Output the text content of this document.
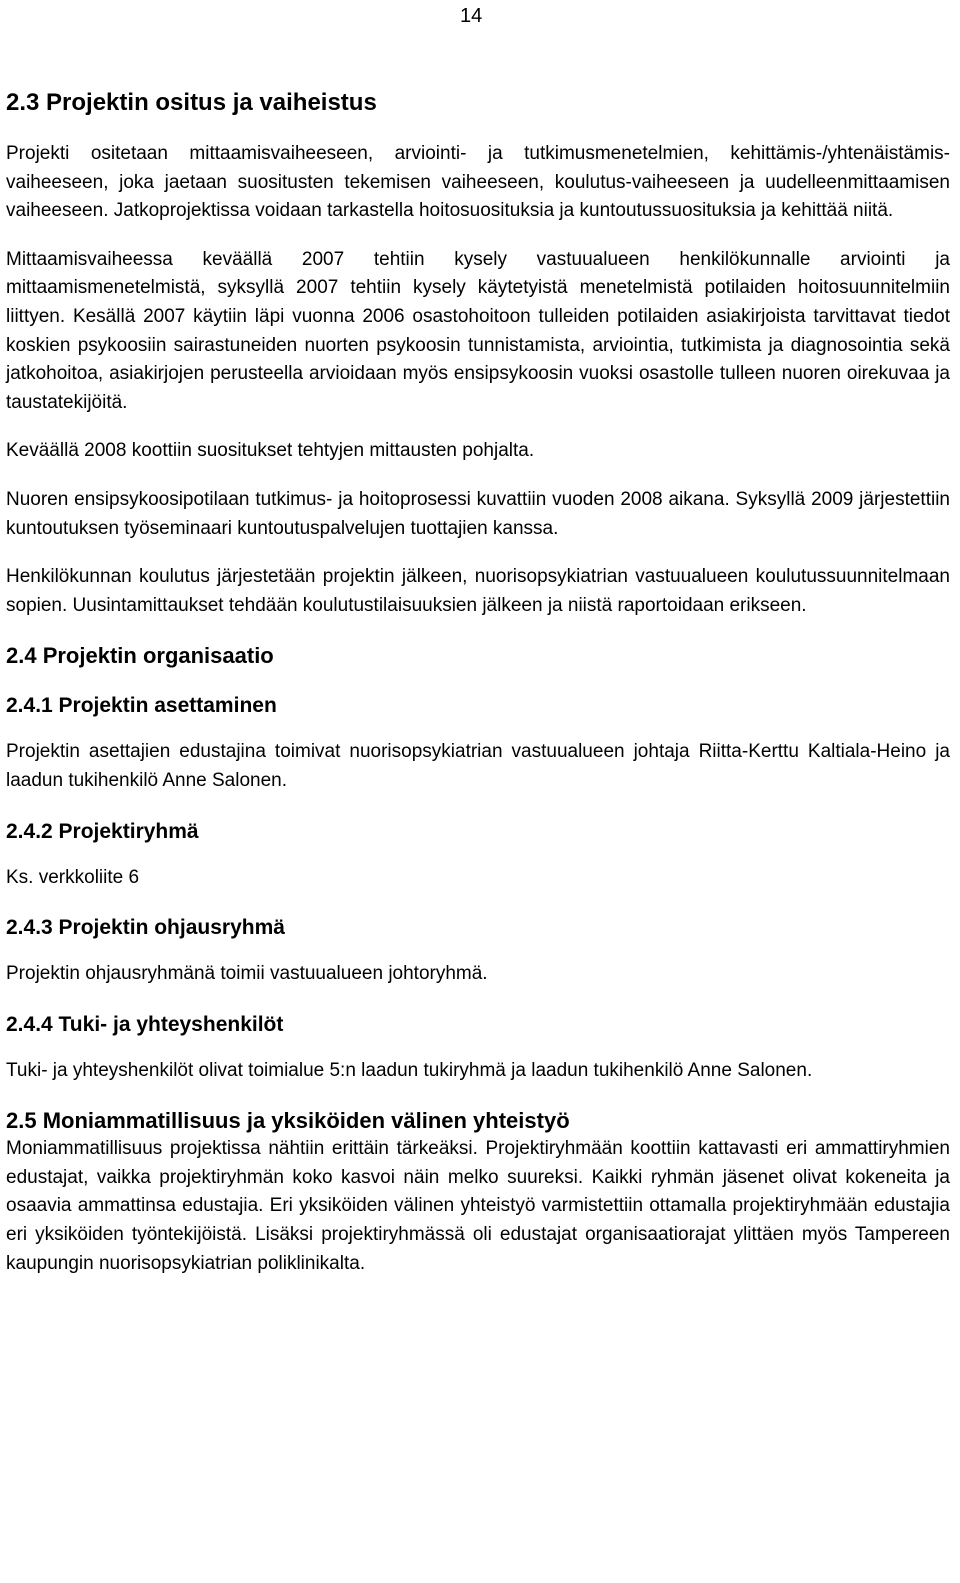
14
2.3 Projektin ositus ja vaiheistus

Projekti ositetaan mittaamisvaiheeseen, arviointi- ja tutkimusmenetelmien, kehittämis-/yhtenäistämis- vaiheeseen, joka jaetaan suositusten tekemisen vaiheeseen, koulutus-vaiheeseen ja uudelleenmittaamisen vaiheeseen. Jatkoprojektissa voidaan tarkastella hoitosuosituksia ja kuntoutussuosituksia ja kehittää niitä.

Mittaamisvaiheessa keväällä 2007 tehtiin kysely vastuualueen henkilökunnalle arviointi ja mittaamismenetelmistä, syksyllä 2007 tehtiin kysely käytetyistä menetelmistä potilaiden hoitosuunnitelmiin liittyen. Kesällä 2007 käytiin läpi vuonna 2006 osastohoitoon tulleiden potilaiden asiakirjoista tarvittavat tiedot koskien psykoosiin sairastuneiden nuorten psykoosin tunnistamista, arviointia, tutkimista ja diagnosointia sekä jatkohoitoa, asiakirjojen perusteella arvioidaan myös ensipsykoosin vuoksi osastolle tulleen nuoren oirekuvaa ja taustatekijöitä.

Keväällä 2008 koottiin suositukset tehtyjen mittausten pohjalta.

Nuoren ensipsykoosipotilaan tutkimus- ja hoitoprosessi kuvattiin vuoden 2008 aikana. Syksyllä 2009 järjestettiin kuntoutuksen työseminaari kuntoutuspalvelujen tuottajien kanssa.

Henkilökunnan koulutus järjestetään projektin jälkeen, nuorisopsykiatrian vastuualueen koulutussuunnitelmaan sopien. Uusintamittaukset tehdään koulutustilaisuuksien jälkeen ja niistä raportoidaan erikseen.

2.4 Projektin organisaatio
2.4.1 Projektin asettaminen

Projektin asettajien edustajina toimivat nuorisopsykiatrian vastuualueen johtaja Riitta-Kerttu Kaltiala-Heino ja laadun tukihenkilö Anne Salonen.

2.4.2 Projektiryhmä

Ks. verkkoliite 6

2.4.3 Projektin ohjausryhmä

Projektin ohjausryhmänä toimii vastuualueen johtoryhmä.

2.4.4 Tuki- ja yhteyshenkilöt

Tuki- ja yhteyshenkilöt olivat toimialue 5:n laadun tukiryhmä ja laadun tukihenkilö Anne Salonen.

2.5 Moniammatillisuus ja yksiköiden välinen yhteistyö

Moniammatillisuus projektissa nähtiin erittäin tärkeäksi. Projektiryhmään koottiin kattavasti eri ammattiryhmien edustajat, vaikka projektiryhmän koko kasvoi näin melko suureksi. Kaikki ryhmän jäsenet olivat kokeneita ja osaavia ammattinsa edustajia. Eri yksiköiden välinen yhteistyö varmistettiin ottamalla projektiryhmään edustajia eri yksiköiden työntekijöistä. Lisäksi projektiryhmässä oli edustajat organisaatiorajat ylittäen myös Tampereen kaupungin nuorisopsykiatrian poliklinikalta.
